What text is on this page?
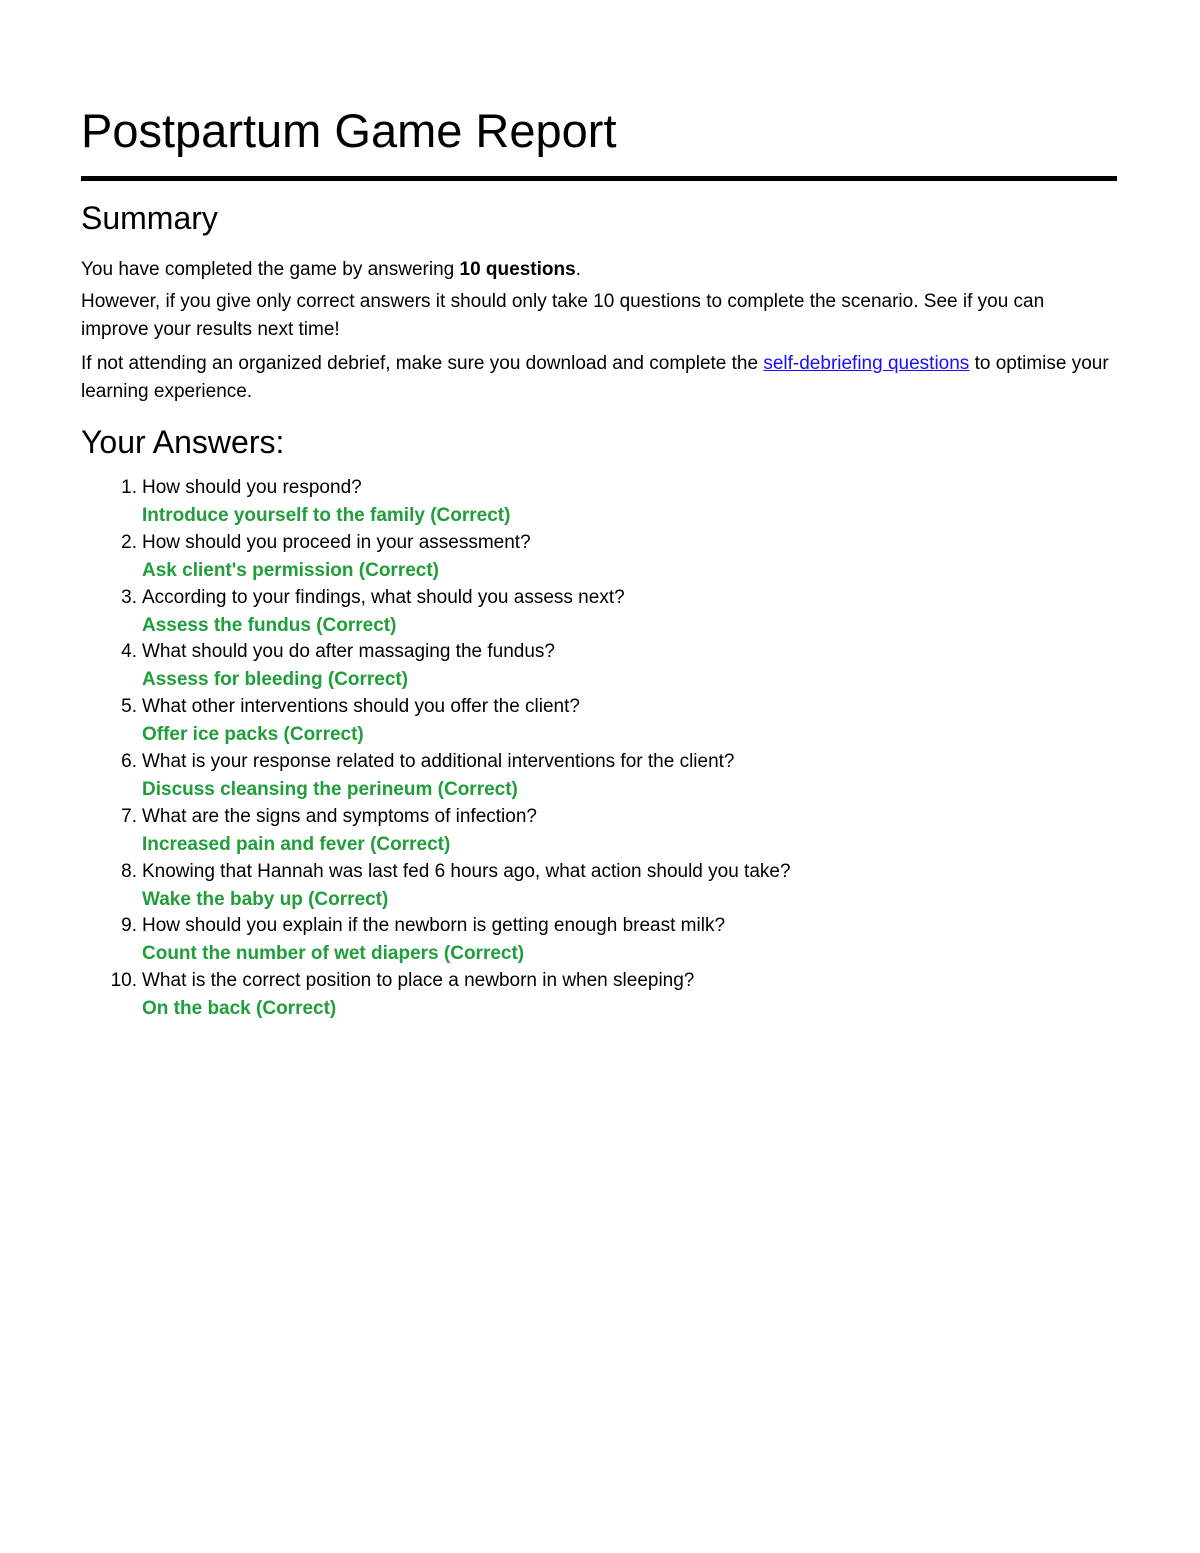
Postpartum Game Report
Summary

You have completed the game by answering 10 questions.

However, if you give only correct answers it should only take 10 questions to complete the scenario. See if you can improve your results next time!

If not attending an organized debrief, make sure you download and complete the self-debriefing questions to optimise your learning experience.

Your Answers:
1. How should you respond?
Introduce yourself to the family (Correct)
2. How should you proceed in your assessment?
Ask client's permission (Correct)
3. According to your findings, what should you assess next?
Assess the fundus (Correct)
4. What should you do after massaging the fundus?
Assess for bleeding (Correct)
5. What other interventions should you offer the client?
Offer ice packs (Correct)
6. What is your response related to additional interventions for the client?
Discuss cleansing the perineum (Correct)
7. What are the signs and symptoms of infection?
Increased pain and fever (Correct)
8. Knowing that Hannah was last fed 6 hours ago, what action should you take?
Wake the baby up (Correct)
9. How should you explain if the newborn is getting enough breast milk?
Count the number of wet diapers (Correct)
10. What is the correct position to place a newborn in when sleeping?
On the back (Correct)
